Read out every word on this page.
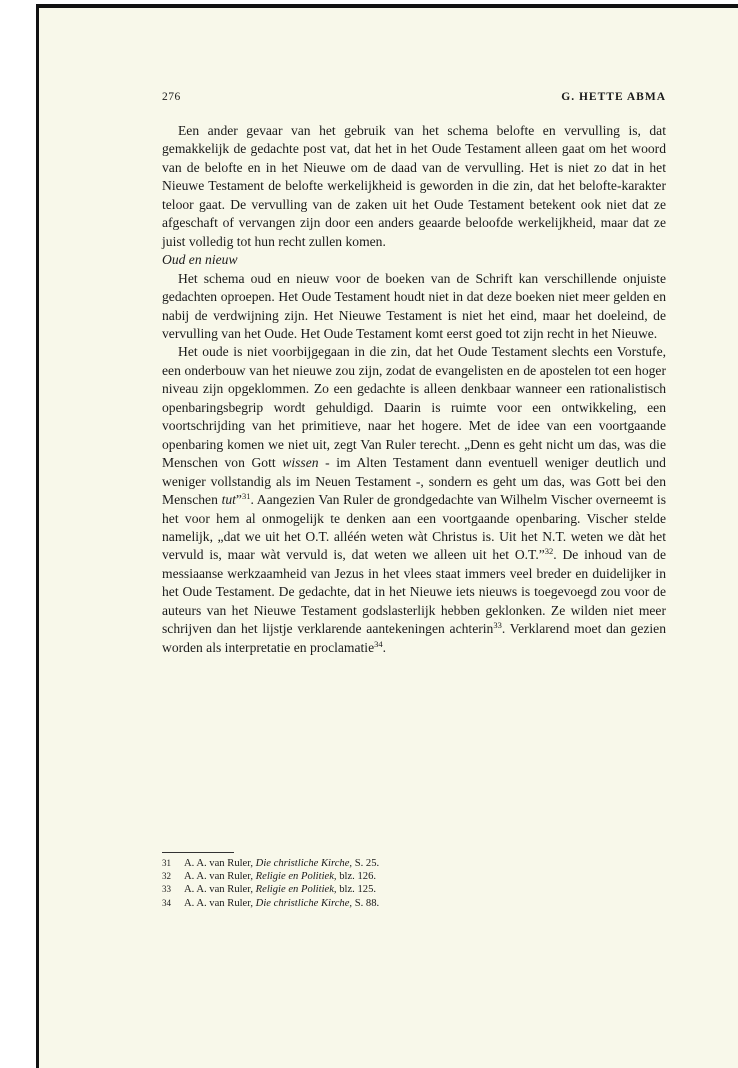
276	G. HETTE ABMA

Een ander gevaar van het gebruik van het schema belofte en vervulling is, dat gemakkelijk de gedachte post vat, dat het in het Oude Testament alleen gaat om het woord van de belofte en in het Nieuwe om de daad van de vervulling. Het is niet zo dat in het Nieuwe Testament de belofte werkelijkheid is geworden in die zin, dat het belofte-karakter teloor gaat. De vervulling van de zaken uit het Oude Testament betekent ook niet dat ze afgeschaft of vervangen zijn door een anders geaarde beloofde werkelijkheid, maar dat ze juist volledig tot hun recht zullen komen.

Oud en nieuw

Het schema oud en nieuw voor de boeken van de Schrift kan verschillende onjuiste gedachten oproepen. Het Oude Testament houdt niet in dat deze boeken niet meer gelden en nabij de verdwijning zijn. Het Nieuwe Testament is niet het eind, maar het doeleind, de vervulling van het Oude. Het Oude Testament komt eerst goed tot zijn recht in het Nieuwe.

Het oude is niet voorbijgegaan in die zin, dat het Oude Testament slechts een Vorstufe, een onderbouw van het nieuwe zou zijn, zodat de evangelisten en de apostelen tot een hoger niveau zijn opgeklommen. Zo een gedachte is alleen denkbaar wanneer een rationalistisch openbaringsbegrip wordt gehuldigd. Daarin is ruimte voor een ontwikkeling, een voortschrijding van het primitieve, naar het hogere. Met de idee van een voortgaande openbaring komen we niet uit, zegt Van Ruler terecht. „Denn es geht nicht um das, was die Menschen von Gott wissen - im Alten Testament dann eventuell weniger deutlich und weniger vollstandig als im Neuen Testament -, sondern es geht um das, was Gott bei den Menschen tut”$^{31}$. Aangezien Van Ruler de grondgedachte van Wilhelm Vischer overneemt is het voor hem al onmogelijk te denken aan een voortgaande openbaring. Vischer stelde namelijk, „dat we uit het O.T. alléén weten wàt Christus is. Uit het N.T. weten we dàt het vervuld is, maar wàt vervuld is, dat weten we alleen uit het O.T.”$^{32}$. De inhoud van de messiaanse werkzaamheid van Jezus in het vlees staat immers veel breder en duidelijker in het Oude Testament. De gedachte, dat in het Nieuwe iets nieuws is toegevoegd zou voor de auteurs van het Nieuwe Testament godslasterlijk hebben geklonken. Ze wilden niet meer schrijven dan het lijstje verklarende aantekeningen achterin$^{33}$. Verklarend moet dan gezien worden als interpretatie en proclamatie$^{34}$.

31 A. A. van Ruler, Die christliche Kirche, S. 25.
32 A. A. van Ruler, Religie en Politiek, blz. 126.
33 A. A. van Ruler, Religie en Politiek, blz. 125.
34 A. A. van Ruler, Die christliche Kirche, S. 88.
